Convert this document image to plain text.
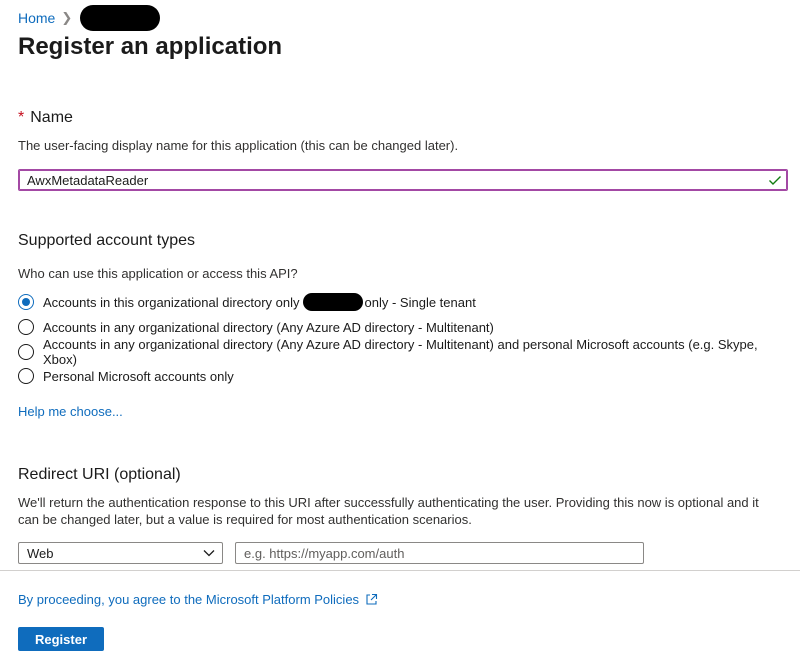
Home ❯
Register an application
* Name
The user-facing display name for this application (this can be changed later).
AwxMetadataReader
Supported account types
Who can use this application or access this API?
Accounts in this organizational directory only	only - Single tenant
Accounts in any organizational directory (Any Azure AD directory - Multitenant)
Accounts in any organizational directory (Any Azure AD directory - Multitenant) and personal Microsoft accounts (e.g. Skype, Xbox)
Personal Microsoft accounts only
Help me choose...
Redirect URI (optional)
We'll return the authentication response to this URI after successfully authenticating the user. Providing this now is optional and it can be changed later, but a value is required for most authentication scenarios.
Web
e.g. https://myapp.com/auth
By proceeding, you agree to the Microsoft Platform Policies
Register
